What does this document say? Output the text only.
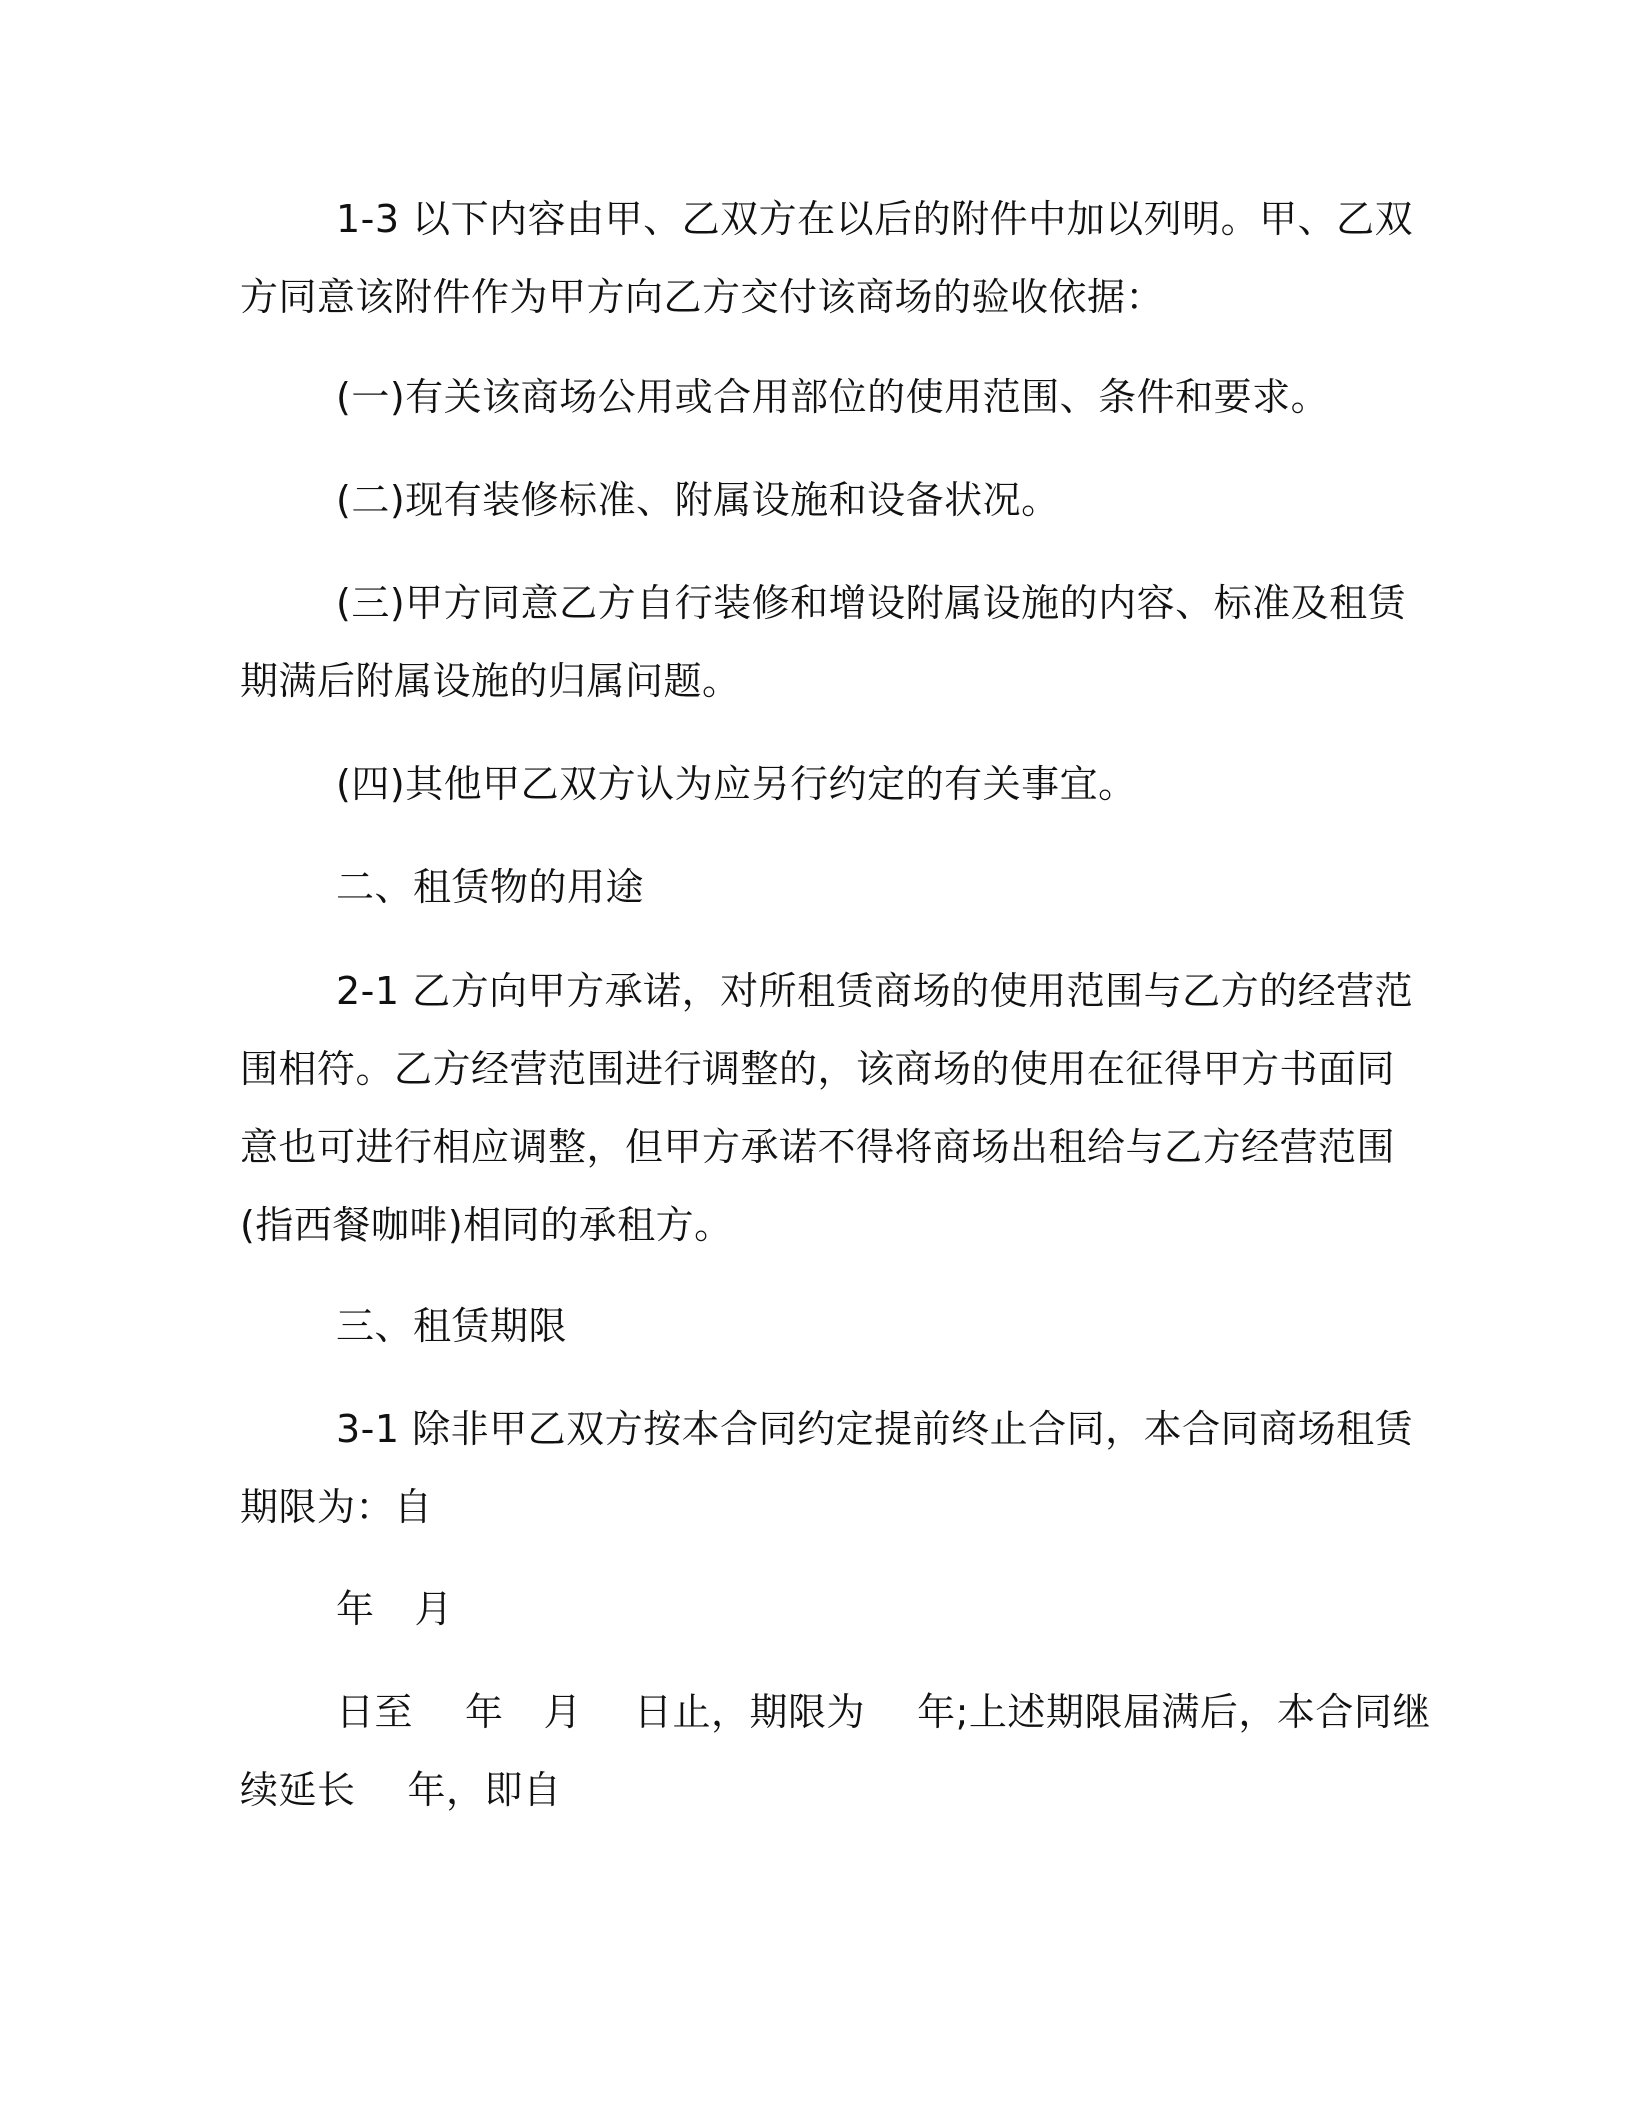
1-3 以下内容由甲、乙双方在以后的附件中加以列明。甲、乙双
方同意该附件作为甲方向乙方交付该商场的验收依据：
(一)有关该商场公用或合用部位的使用范围、条件和要求。
(二)现有装修标准、附属设施和设备状况。
(三)甲方同意乙方自行装修和增设附属设施的内容、标准及租赁
期满后附属设施的归属问题。
(四)其他甲乙双方认为应另行约定的有关事宜。
二、租赁物的用途
2-1 乙方向甲方承诺，对所租赁商场的使用范围与乙方的经营范
围相符。乙方经营范围进行调整的，该商场的使用在征得甲方书面同
意也可进行相应调整，但甲方承诺不得将商场出租给与乙方经营范围
(指西餐咖啡)相同的承租方。
三、租赁期限
3-1 除非甲乙双方按本合同约定提前终止合同，本合同商场租赁
期限为：自
年 月
日至 年 月 日止，期限为 年;上述期限届满后，本合同继
续延长 年，即自
